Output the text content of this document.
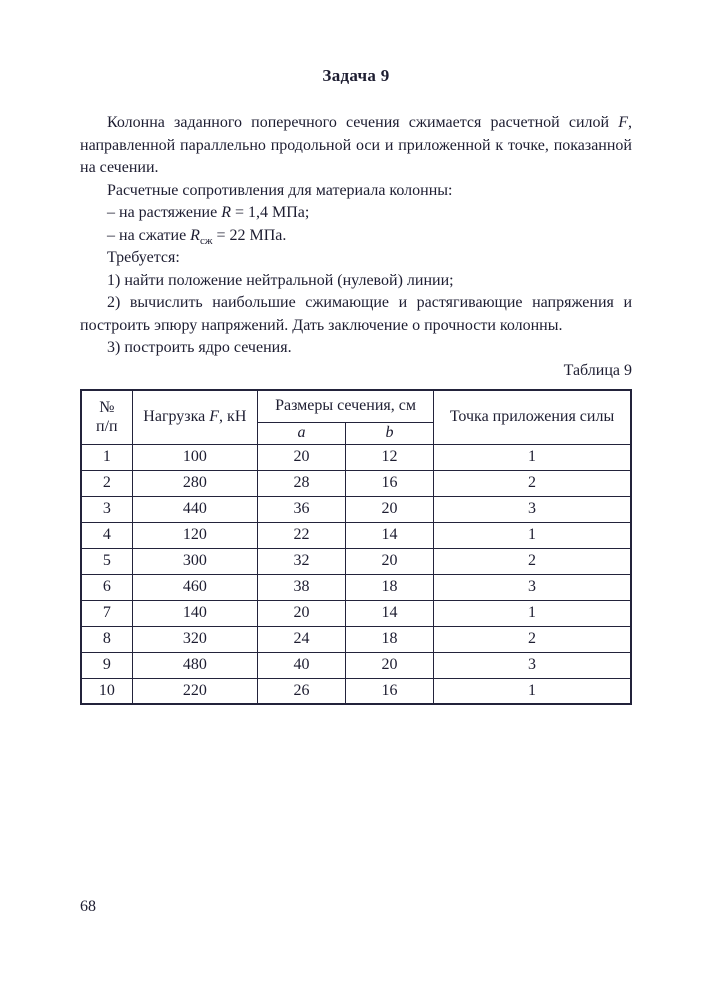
Задача 9

Колонна заданного поперечного сечения сжимается расчетной силой F, направленной параллельно продольной оси и приложенной к точке, показанной на сечении.

Расчетные сопротивления для материала колонны:

– на растяжение R = 1,4 МПа;

– на сжатие $R_{сж} = 22$ МПа.

Требуется:

1) найти положение нейтральной (нулевой) линии;

2) вычислить наибольшие сжимающие и растягивающие напряжения и построить эпюру напряжений. Дать заключение о прочности колонны.

3) построить ядро сечения.

Таблица 9

№
п/п	Нагрузка F, кН	Размеры сечения, см		Точка приложения силы
		a	b	
1	100	20	12	1
2	280	28	16	2
3	440	36	20	3
4	120	22	14	1
5	300	32	20	2
6	460	38	18	3
7	140	20	14	1
8	320	24	18	2
9	480	40	20	3
10	220	26	16	1
68
